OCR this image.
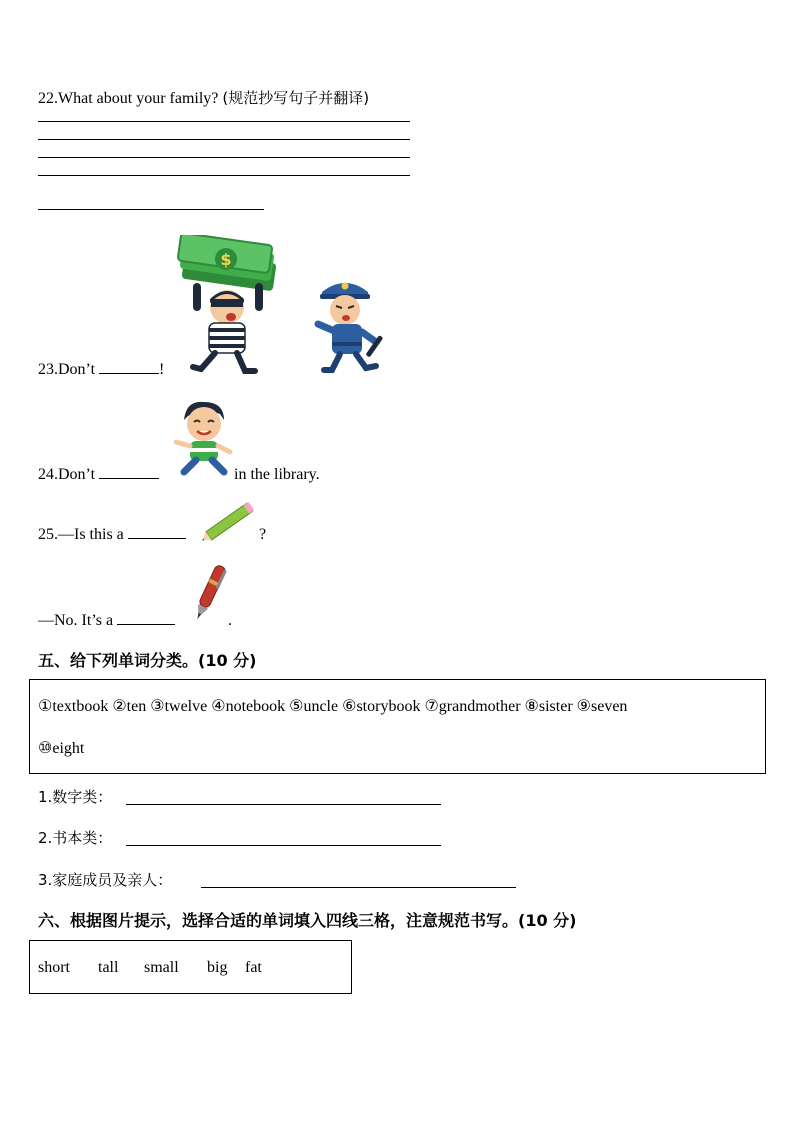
22.What about your family? (规范抄写句子并翻译)
$
23.Don’t	!
24.Don’t	in the library.
25.—Is this a	?
—No. It’s a	.
五、给下列单词分类。(10 分)
①textbook ②ten ③twelve ④notebook ⑤uncle ⑥storybook ⑦grandmother ⑧sister ⑨seven
⑩eight
1.数字类：
2.书本类：
3.家庭成员及亲人：
六、根据图片提示，选择合适的单词填入四线三格，注意规范书写。(10 分)
short tall small big fat
